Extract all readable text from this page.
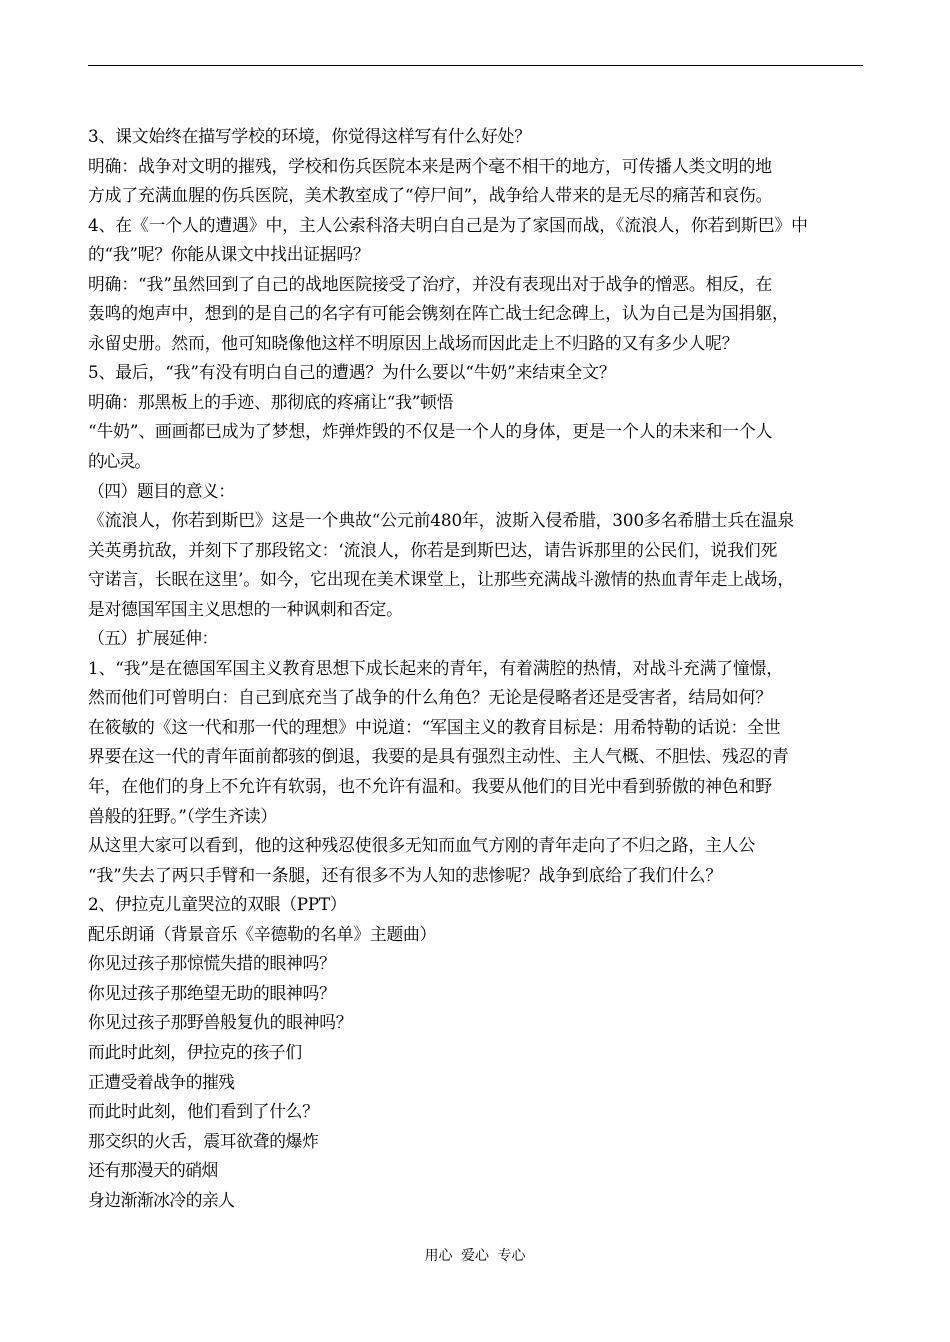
3、课文始终在描写学校的环境，你觉得这样写有什么好处？
明确：战争对文明的摧残，学校和伤兵医院本来是两个毫不相干的地方，可传播人类文明的地
方成了充满血腥的伤兵医院，美术教室成了“停尸间”，战争给人带来的是无尽的痛苦和哀伤。
4、在《一个人的遭遇》中，主人公索科洛夫明白自己是为了家国而战，《流浪人，你若到斯巴》中
的“我”呢？你能从课文中找出证据吗？
明确：“我”虽然回到了自己的战地医院接受了治疗，并没有表现出对于战争的憎恶。相反，在
轰鸣的炮声中，想到的是自己的名字有可能会镌刻在阵亡战士纪念碑上，认为自己是为国捐躯，
永留史册。然而，他可知晓像他这样不明原因上战场而因此走上不归路的又有多少人呢？
5、最后，“我”有没有明白自己的遭遇？为什么要以“牛奶”来结束全文？
明确：那黑板上的手迹、那彻底的疼痛让“我”顿悟
“牛奶”、画画都已成为了梦想，炸弹炸毁的不仅是一个人的身体，更是一个人的未来和一个人
的心灵。
（四）题目的意义：
《流浪人，你若到斯巴》这是一个典故“公元前480年，波斯入侵希腊，300多名希腊士兵在温泉
关英勇抗敌，并刻下了那段铭文：‘流浪人，你若是到斯巴达，请告诉那里的公民们，说我们死
守诺言，长眠在这里’。如今，它出现在美术课堂上，让那些充满战斗激情的热血青年走上战场，
是对德国军国主义思想的一种讽刺和否定。
（五）扩展延伸：
1、“我”是在德国军国主义教育思想下成长起来的青年，有着满腔的热情，对战斗充满了憧憬，
然而他们可曾明白：自己到底充当了战争的什么角色？无论是侵略者还是受害者，结局如何？
在筱敏的《这一代和那一代的理想》中说道：“军国主义的教育目标是：用希特勒的话说：全世
界要在这一代的青年面前都骇的倒退，我要的是具有强烈主动性、主人气概、不胆怯、残忍的青
年，在他们的身上不允许有软弱，也不允许有温和。我要从他们的目光中看到骄傲的神色和野
兽般的狂野。”（学生齐读）
从这里大家可以看到，他的这种残忍使很多无知而血气方刚的青年走向了不归之路，主人公
“我”失去了两只手臂和一条腿，还有很多不为人知的悲惨呢？战争到底给了我们什么？
2、伊拉克儿童哭泣的双眼（PPT）
配乐朗诵（背景音乐《辛德勒的名单》主题曲）
你见过孩子那惊慌失措的眼神吗？
你见过孩子那绝望无助的眼神吗？
你见过孩子那野兽般复仇的眼神吗？
而此时此刻，伊拉克的孩子们
正遭受着战争的摧残
而此时此刻，他们看到了什么？
那交织的火舌，震耳欲聋的爆炸
还有那漫天的硝烟
身边渐渐冰冷的亲人
用心 爱心 专心
